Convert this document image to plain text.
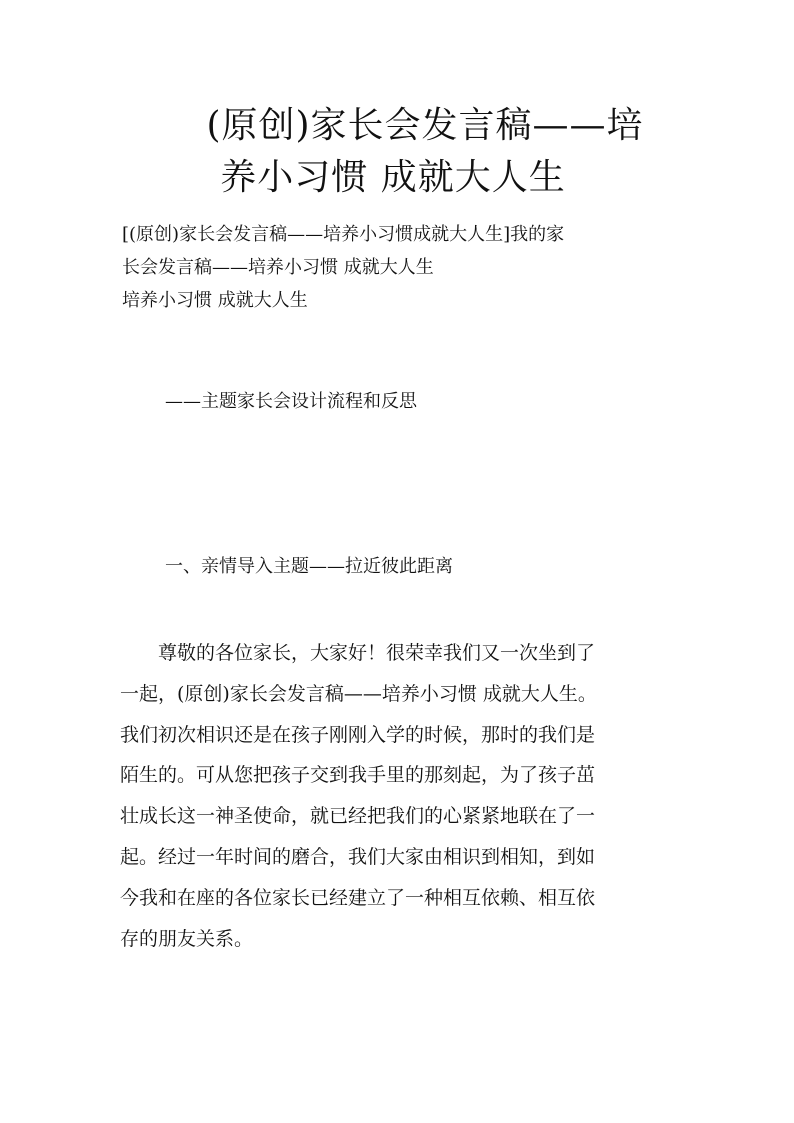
(原创)家长会发言稿——培
养小习惯 成就大人生
[(原创)家长会发言稿——培养小习惯成就大人生]我的家
长会发言稿——培养小习惯 成就大人生
培养小习惯 成就大人生
——主题家长会设计流程和反思
一、亲情导入主题——拉近彼此距离
尊敬的各位家长，大家好！很荣幸我们又一次坐到了
一起，(原创)家长会发言稿——培养小习惯 成就大人生。
我们初次相识还是在孩子刚刚入学的时候，那时的我们是
陌生的。可从您把孩子交到我手里的那刻起，为了孩子茁
壮成长这一神圣使命，就已经把我们的心紧紧地联在了一
起。经过一年时间的磨合，我们大家由相识到相知，到如
今我和在座的各位家长已经建立了一种相互依赖、相互依
存的朋友关系。
